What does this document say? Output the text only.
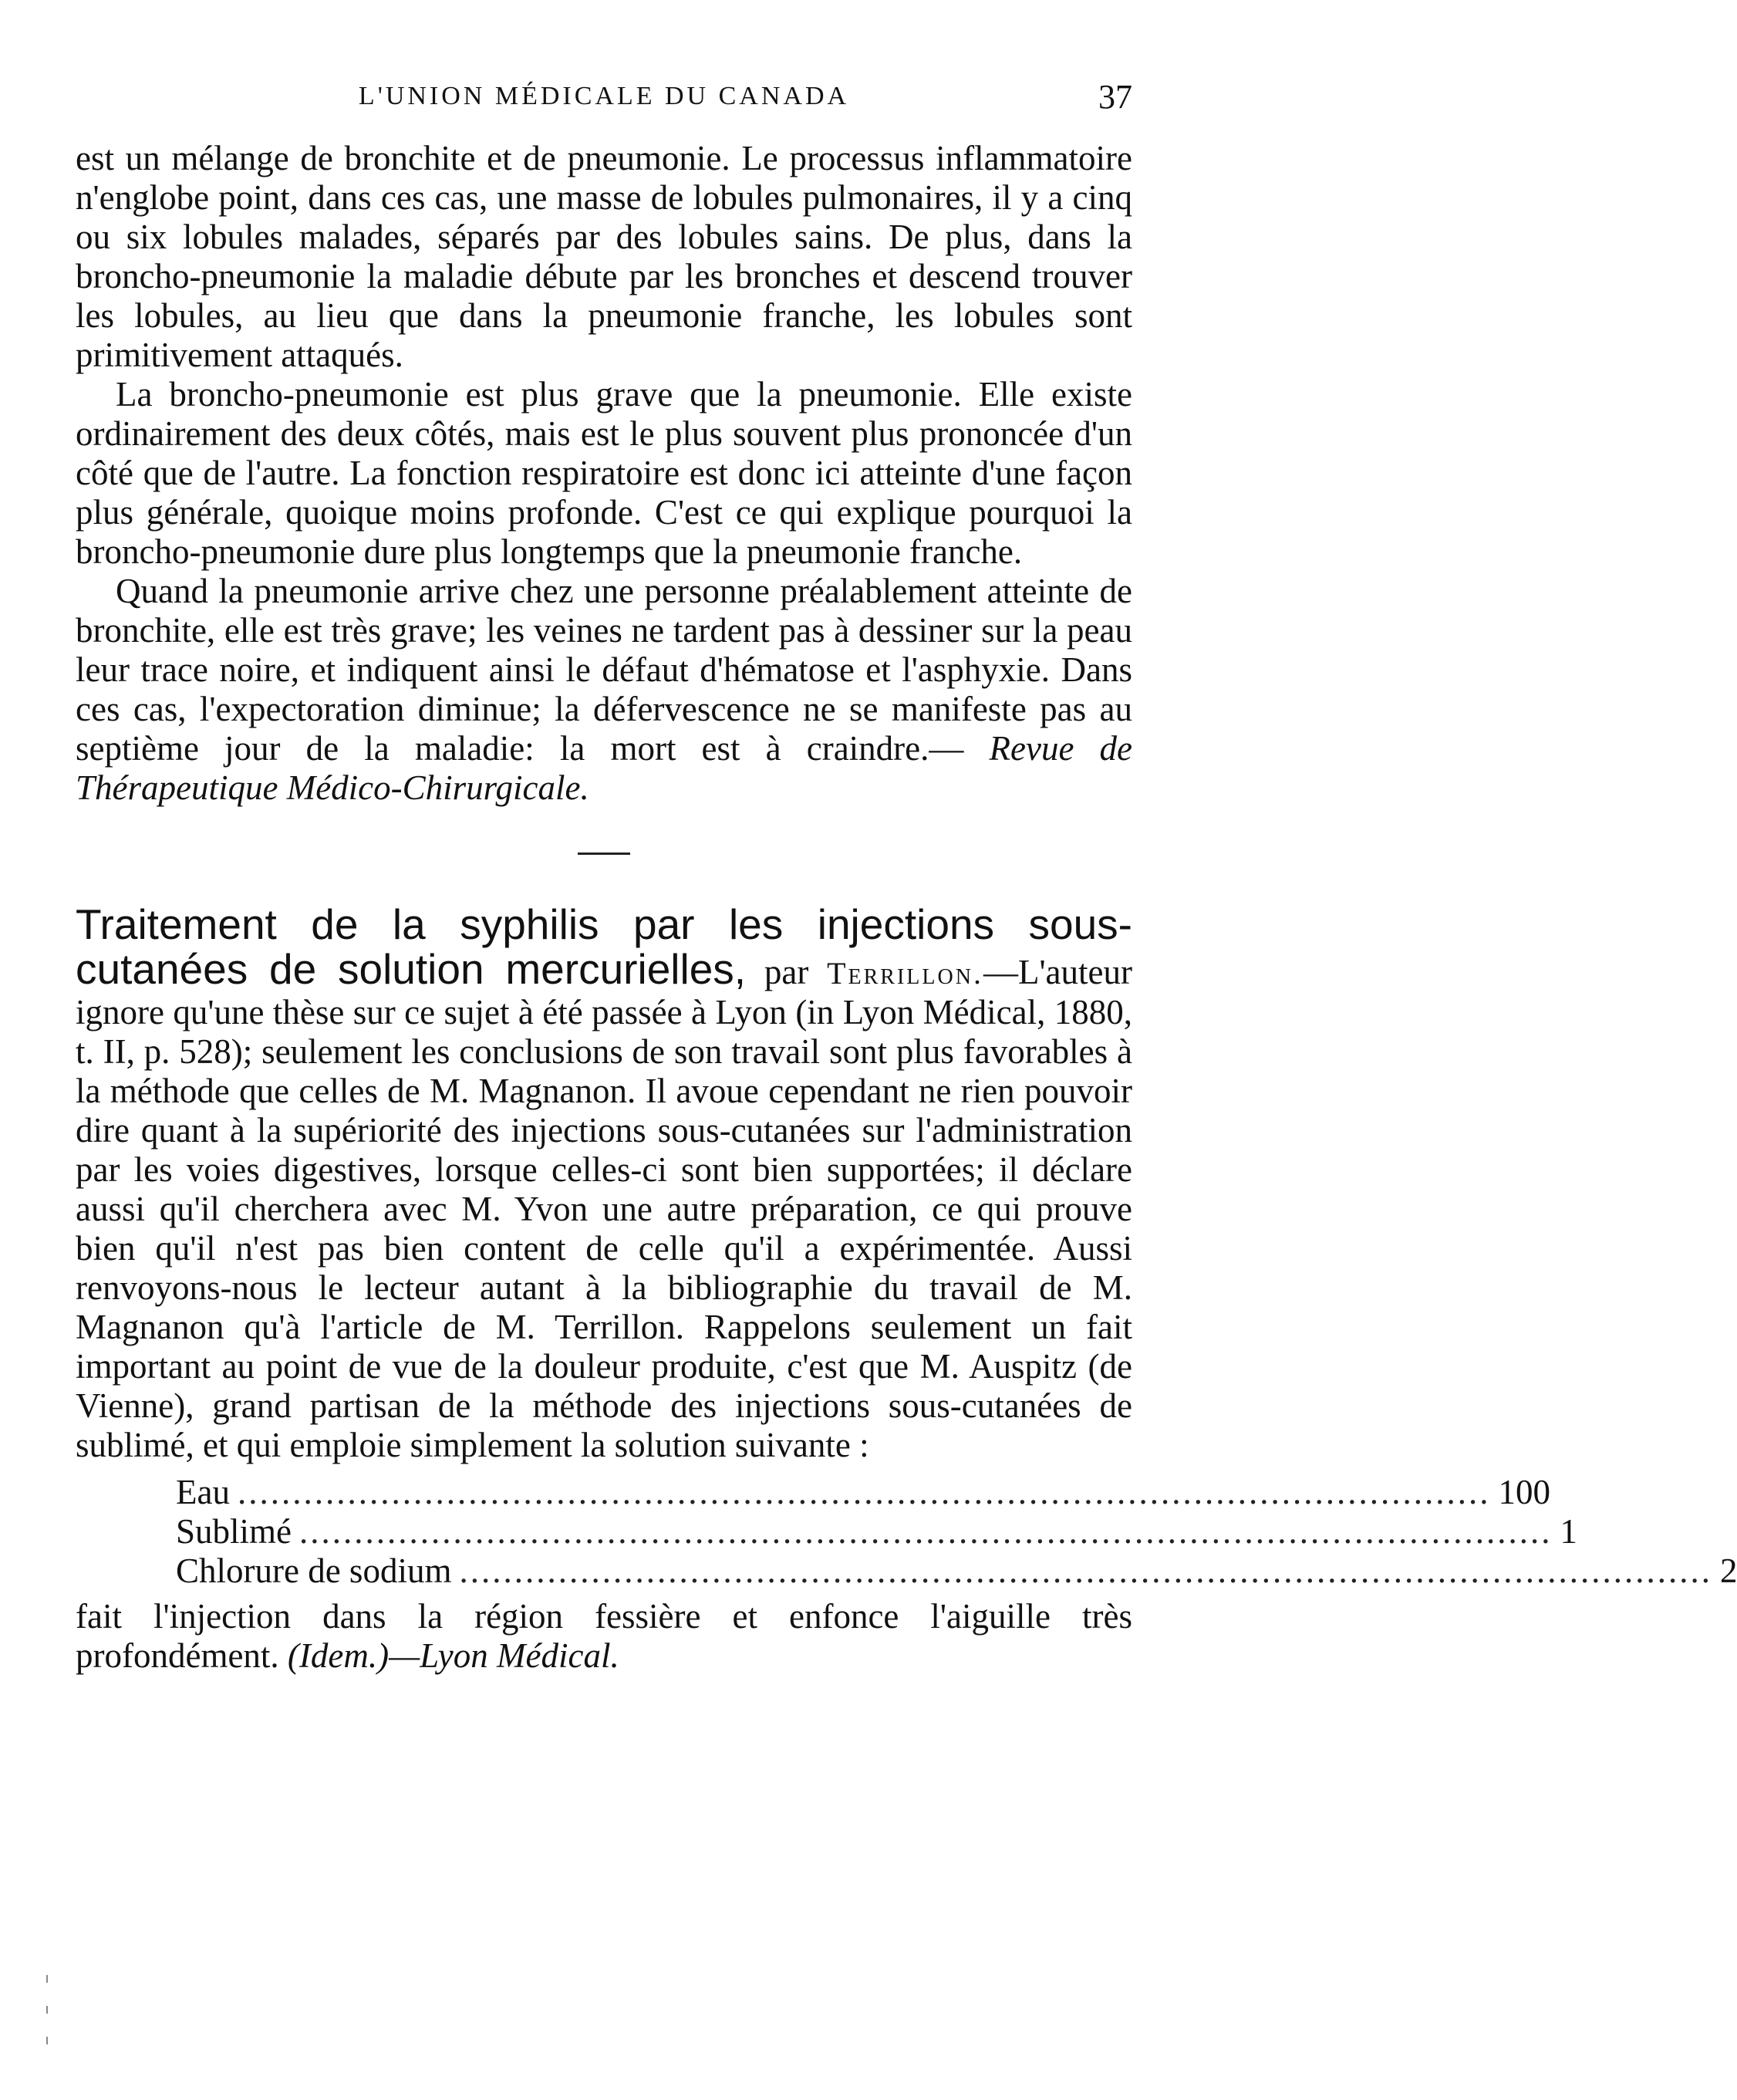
L'UNION MÉDICALE DU CANADA	37

est un mélange de bronchite et de pneumonie. Le processus inflammatoire n'englobe point, dans ces cas, une masse de lobules pulmonaires, il y a cinq ou six lobules malades, séparés par des lobules sains. De plus, dans la broncho-pneumonie la maladie débute par les bronches et descend trouver les lobules, au lieu que dans la pneumonie franche, les lobules sont primitivement attaqués.

La broncho-pneumonie est plus grave que la pneumonie. Elle existe ordinairement des deux côtés, mais est le plus souvent plus prononcée d'un côté que de l'autre. La fonction respiratoire est donc ici atteinte d'une façon plus générale, quoique moins profonde. C'est ce qui explique pourquoi la broncho-pneumonie dure plus longtemps que la pneumonie franche.

Quand la pneumonie arrive chez une personne préalablement atteinte de bronchite, elle est très grave; les veines ne tardent pas à dessiner sur la peau leur trace noire, et indiquent ainsi le défaut d'hématose et l'asphyxie. Dans ces cas, l'expectoration diminue; la défervescence ne se manifeste pas au septième jour de la maladie: la mort est à craindre.— Revue de Thérapeutique Médico-Chirurgicale.

Traitement de la syphilis par les injections sous-cutanées de solution mercurielles, par Terrillon.—L'auteur ignore qu'une thèse sur ce sujet à été passée à Lyon (in Lyon Médical, 1880, t. II, p. 528); seulement les conclusions de son travail sont plus favorables à la méthode que celles de M. Magnanon. Il avoue cependant ne rien pouvoir dire quant à la supériorité des injections sous-cutanées sur l'administration par les voies digestives, lorsque celles-ci sont bien supportées; il déclare aussi qu'il cherchera avec M. Yvon une autre préparation, ce qui prouve bien qu'il n'est pas bien content de celle qu'il a expérimentée. Aussi renvoyons-nous le lecteur autant à la bibliographie du travail de M. Magnanon qu'à l'article de M. Terrillon. Rappelons seulement un fait important au point de vue de la douleur produite, c'est que M. Auspitz (de Vienne), grand partisan de la méthode des injections sous-cutanées de sublimé, et qui emploie simplement la solution suivante :

Eau .................................................................................................................. 100
Sublimé .................................................................................................................. 1
Chlorure de sodium .................................................................................................................. 2

fait l'injection dans la région fessière et enfonce l'aiguille très profondément. (Idem.)—Lyon Médical.
